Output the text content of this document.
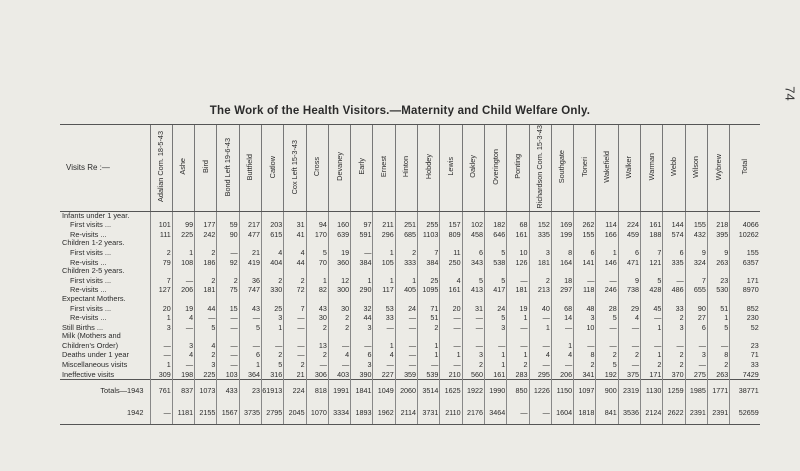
74
The Work of the Health Visitors.—Maternity and Child Welfare Only.
Visits Re :—	Adalian Com. 18-5-43	Ashe	Bird	Bond Left 19-6-43	Buttfield	Catlow	Cox Left 15-3-43	Cross	Devaney	Early	Ernest	Hinton	Hobdey	Lewis	Oakley	Overington	Ponting	Richardson Com. 15-3-43	Southgate	Toneri	Wakefield	Walker	Warman	Webb	Wilson	Wybrew	Total
Infants under 1 year.																											
First visits ...	101	99	177	59	217	203	31	94	160	97	211	251	255	157	102	182	68	152	169	262	114	224	161	144	155	218	4066
Re-visits ...	111	225	242	90	477	615	41	170	639	591	296	685	1103	809	458	646	161	335	199	155	166	459	188	574	432	395	10262
Children 1-2 years.																											
First visits ...	2	1	2	—	21	4	4	5	19	—	1	2	7	11	6	5	10	3	8	6	1	6	7	6	9	9	155
Re-visits ...	79	108	186	92	419	404	44	70	360	384	105	333	384	250	343	538	126	181	164	141	146	471	121	335	324	263	6357
Children 2-5 years.																											
First visits ...	7	—	2	2	36	2	2	1	12	1	1	1	25	4	5	5	—	2	18	—	—	9	5	—	7	23	171
Re-visits ...	127	206	181	75	747	330	72	82	300	290	117	405	1095	161	413	417	181	213	297	118	246	738	428	486	655	530	8970
Expectant Mothers.																											
First visits ...	20	19	44	15	43	25	7	43	30	32	53	24	71	20	31	24	19	40	68	48	28	29	45	33	90	51	852
Re-visits ...	1	4	—	—	—	3	—	30	2	44	33	—	51	—	—	5	1	—	14	3	5	4	—	2	27	1	230
Still Births ...	3	—	5	—	5	1	—	2	2	3	—	—	2	—	—	3	—	1	—	10	—	—	1	3	6	5	52
Milk (Mothers and																											
Children's Order)	—	3	4	—	—	—	—	13	—	—	1	—	1	—	—	—	—	—	1	—	—	—	—	—	—	—	23
Deaths under 1 year	—	4	2	—	6	2	—	2	4	6	4	—	1	1	3	1	1	4	4	8	2	2	1	2	3	8	71
Miscellaneous visits	1	—	3	—	1	5	2	—	—	3	—	—	—	—	2	1	2	—	—	2	5	—	2	2	—	2	33
Ineffective visits	309	198	225	103	364	316	21	306	403	390	227	359	539	210	560	161	283	295	206	341	192	375	171	370	275	263	7429
Totals—1943	761	837	1073	433	23	61913	224	818	1991	1841	1049	2060	3514	1625	1922	1990	850	1226	1150	1097	900	2319	1130	1259	1985	1771	38771
1942	—	1181	2155	1567	3735	2795	2045	1070	3334	1893	1962	2114	3731	2110	2176	3464	—	—	1604	1818	841	3536	2124	2622	2391	2391	52659
